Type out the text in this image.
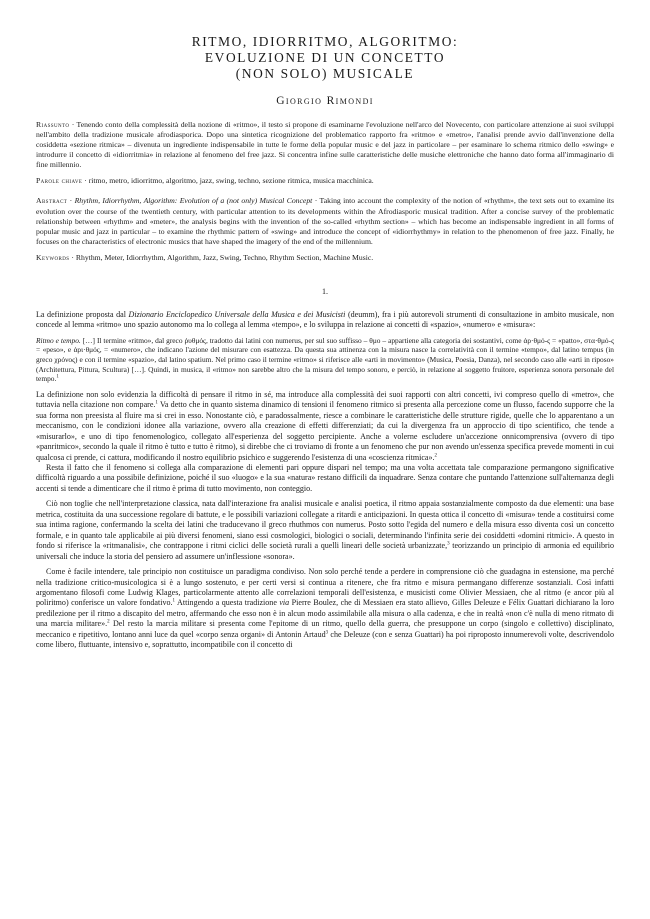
RITMO, IDIORRITMO, ALGORITMO:
EVOLUZIONE DI UN CONCETTO
(NON SOLO) MUSICALE
Giorgio Rimondi

Riassunto · Tenendo conto della complessità della nozione di «ritmo», il testo si propone di esaminarne l'evoluzione nell'arco del Novecento, con particolare attenzione ai suoi sviluppi nell'ambito della tradizione musicale afrodiasporica. Dopo una sintetica ricognizione del problematico rapporto fra «ritmo» e «metro», l'analisi prende avvio dall'invenzione della cosiddetta «sezione ritmica» – divenuta un ingrediente indispensabile in tutte le forme della popular music e del jazz in particolare – per esaminare lo schema ritmico dello «swing» e introdurre il concetto di «idiorritmia» in relazione al fenomeno del free jazz. Si concentra infine sulle caratteristiche delle musiche elettroniche che hanno dato forma all'immaginario di fine millennio.

Parole chiave · ritmo, metro, idiorritmo, algoritmo, jazz, swing, techno, sezione ritmica, musica macchinica.

Abstract · Rhythm, Idiorrhythm, Algorithm: Evolution of a (not only) Musical Concept · Taking into account the complexity of the notion of «rhythm», the text sets out to examine its evolution over the course of the twentieth century, with particular attention to its developments within the Afrodiasporic musical tradition. After a concise survey of the problematic relationship between «rhythm» and «meter», the analysis begins with the invention of the so-called «rhythm section» – which has become an indispensable ingredient in all forms of popular music and jazz in particular – to examine the rhythmic pattern of «swing» and introduce the concept of «idiorrhythmy» in relation to the phenomenon of free jazz. Finally, he focuses on the characteristics of electronic musics that have shaped the imagery of the end of the millennium.

Keywords · Rhythm, Meter, Idiorrhythm, Algorithm, Jazz, Swing, Techno, Rhythm Section, Machine Music.

1.

La definizione proposta dal Dizionario Enciclopedico Universale della Musica e dei Musicisti (deumm), fra i più autorevoli strumenti di consultazione in ambito musicale, non concede al lemma «ritmo» uno spazio autonomo ma lo collega al lemma «tempo», e lo sviluppa in relazione ai concetti di «spazio», «numero» e «misura»:

Ritmo e tempo. […] Il termine «ritmo», dal greco ῥυθμός, tradotto dai latini con numerus, per sul suo suffisso – θμο – appartiene alla categoria dei sostantivi, come ἀρ·θμό-ς = «patto», στα·θμό-ς = «peso», e ἀρι·θμός, = «numero», che indicano l'azione del misurare con esattezza. Da questa sua attinenza con la misura nasce la correlatività con il termine «tempo», dal latino tempus (in greco χρόνος) e con il termine «spazio», dal latino spatium. Nel primo caso il termine «ritmo» si riferisce alle «arti in movimento» (Musica, Poesia, Danza), nel secondo caso alle «arti in riposo» (Architettura, Pittura, Scultura) […]. Quindi, in musica, il «ritmo» non sarebbe altro che la misura del tempo sonoro, e perciò, in relazione al soggetto fruitore, esperienza sonora personale del tempo.$^1$

La definizione non solo evidenzia la difficoltà di pensare il ritmo in sé, ma introduce alla complessità dei suoi rapporti con altri concetti, ivi compreso quello di «metro», che tuttavia nella citazione non compare.$^1$ Va detto che in quanto sistema dinamico di tensioni il fenomeno ritmico si presenta alla percezione come un flusso, facendo supporre che la sua forma non preesista al fluire ma si crei in esso. Nonostante ciò, e paradossalmente, riesce a combinare le caratteristiche delle strutture rigide, quelle che lo apparentano a un meccanismo, con le condizioni idonee alla variazione, ovvero alla creazione di effetti differenziati; da cui la divergenza fra un approccio di tipo scientifico, che tende a «misurarlo», e uno di tipo fenomenologico, collegato all'esperienza del soggetto percipiente. Anche a volerne escludere un'accezione onnicomprensiva (ovvero di tipo «panritmico», secondo la quale il ritmo è tutto e tutto è ritmo), si direbbe che ci troviamo di fronte a un fenomeno che pur non avendo un'essenza specifica prevede momenti in cui qualcosa ci prende, ci cattura, modificando il nostro equilibrio psichico e suggerendo l'esistenza di una «coscienza ritmica».$^2$

Resta il fatto che il fenomeno si collega alla comparazione di elementi pari oppure dispari nel tempo; ma una volta accettata tale comparazione permangono significative difficoltà riguardo a una possibile definizione, poiché il suo «luogo» e la sua «natura» restano difficili da inquadrare. Senza contare che puntando l'attenzione sull'alternanza degli accenti si tende a dimenticare che il ritmo è prima di tutto movimento, non conteggio.

Ciò non toglie che nell'interpretazione classica, nata dall'interazione fra analisi musicale e analisi poetica, il ritmo appaia sostanzialmente composto da due elementi: una base metrica, costituita da una successione regolare di battute, e le possibili variazioni collegate a ritardi e anticipazioni. In questa ottica il concetto di «misura» tende a costituirsi come sua intima ragione, confermando la scelta dei latini che traducevano il greco rhuthmos con numerus. Posto sotto l'egida del numero e della misura esso diventa così un concetto formale, e in quanto tale applicabile ai più diversi fenomeni, siano essi cosmologici, biologici o sociali, determinando l'infinita serie dei cosiddetti «domini ritmici». A questo in fondo si riferisce la «ritmanalisi», che contrappone i ritmi ciclici delle società rurali a quelli lineari delle società urbanizzate,$^3$ teorizzando un principio di armonia ed equilibrio universali che induce la storia del pensiero ad assumere un'inflessione «sonora».

Come è facile intendere, tale principio non costituisce un paradigma condiviso. Non solo perché tende a perdere in comprensione ciò che guadagna in estensione, ma perché nella tradizione critico-musicologica si è a lungo sostenuto, e per certi versi si continua a ritenere, che fra ritmo e misura permangano differenze sostanziali. Così infatti argomentano filosofi come Ludwig Klages, particolarmente attento alle correlazioni temporali dell'esistenza, e musicisti come Olivier Messiaen, che al ritmo (e ancor più al poliritmo) conferisce un valore fondativo.$^1$ Attingendo a questa tradizione via Pierre Boulez, che di Messiaen era stato allievo, Gilles Deleuze e Félix Guattari dichiarano la loro predilezione per il ritmo a discapito del metro, affermando che esso non è in alcun modo assimilabile alla misura o alla cadenza, e che in realtà «non c'è nulla di meno ritmato di una marcia militare».$^2$ Del resto la marcia militare si presenta come l'epitome di un ritmo, quello della guerra, che presuppone un corpo (singolo e collettivo) disciplinato, meccanico e ripetitivo, lontano anni luce da quel «corpo senza organi» di Antonin Artaud$^3$ che Deleuze (con e senza Guattari) ha poi riproposto innumerevoli volte, descrivendolo come libero, fluttuante, intensivo e, soprattutto, incompatibile con il concetto di
